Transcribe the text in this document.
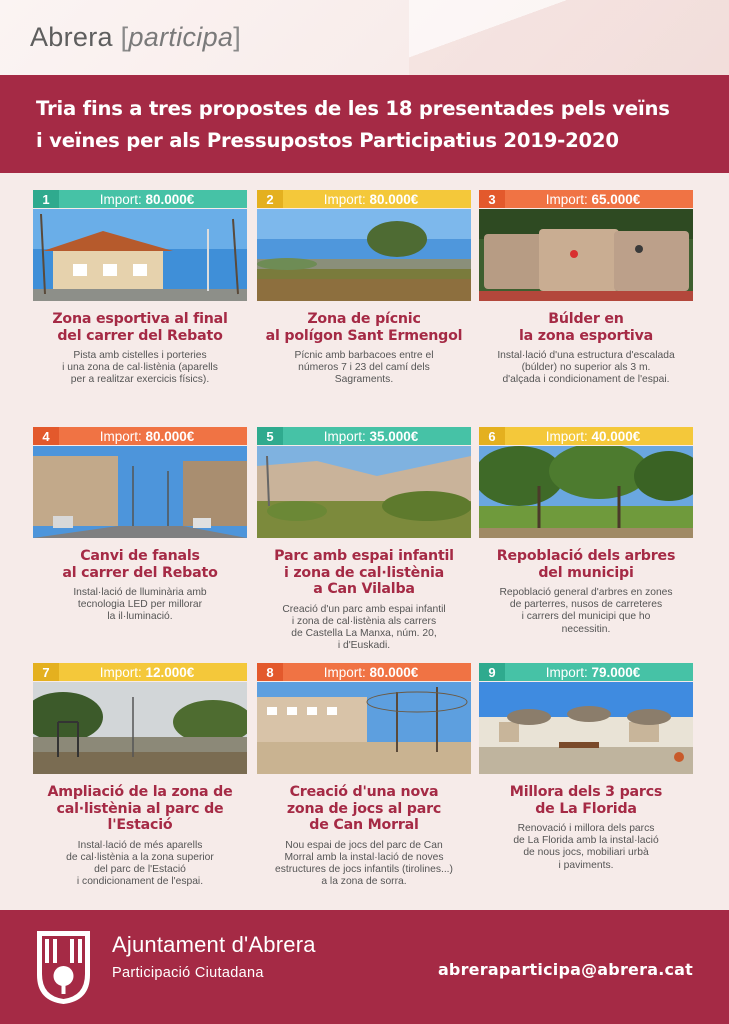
Abrera [participa]
Tria fins a tres propostes de les 18 presentades pels veïns
i veïnes per als Pressupostos Participatius 2019-2020
1	Import: 80.000€
Zona esportiva al final
del carrer del Rebato
Pista amb cistelles i porteries
i una zona de cal·listènia (aparells
per a realitzar exercicis físics).
2	Import: 80.000€
Zona de pícnic
al polígon Sant Ermengol
Pícnic amb barbacoes entre el
números 7 i 23 del camí dels
Sagraments.
3	Import: 65.000€
Búlder en
la zona esportiva
Instal·lació d'una estructura d'escalada
(búlder) no superior als 3 m.
d'alçada i condicionament de l'espai.
4	Import: 80.000€
Canvi de fanals
al carrer del Rebato
Instal·lació de lluminària amb
tecnologia LED per millorar
la il·luminació.
5	Import: 35.000€
Parc amb espai infantil
i zona de cal·listènia
a Can Vilalba
Creació d'un parc amb espai infantil
i zona de cal·listènia als carrers
de Castella La Manxa, núm. 20,
i d'Euskadi.
6	Import: 40.000€
Repoblació dels arbres
del municipi
Repoblació general d'arbres en zones
de parterres, nusos de carreteres
i carrers del municipi que ho
necessitin.
7	Import: 12.000€
Ampliació de la zona de
cal·listènia al parc de
l'Estació
Instal·lació de més aparells
de cal·listènia a la zona superior
del parc de l'Estació
i condicionament de l'espai.
8	Import: 80.000€
Creació d'una nova
zona de jocs al parc
de Can Morral
Nou espai de jocs del parc de Can
Morral amb la instal·lació de noves
estructures de jocs infantils (tirolines...)
a la zona de sorra.
9	Import: 79.000€
Millora dels 3 parcs
de La Florida
Renovació i millora dels parcs
de La Florida amb la instal·lació
de nous jocs, mobiliari urbà
i paviments.
Ajuntament d'Abrera
Participació Ciutadana	abreraparticipa@abrera.cat
